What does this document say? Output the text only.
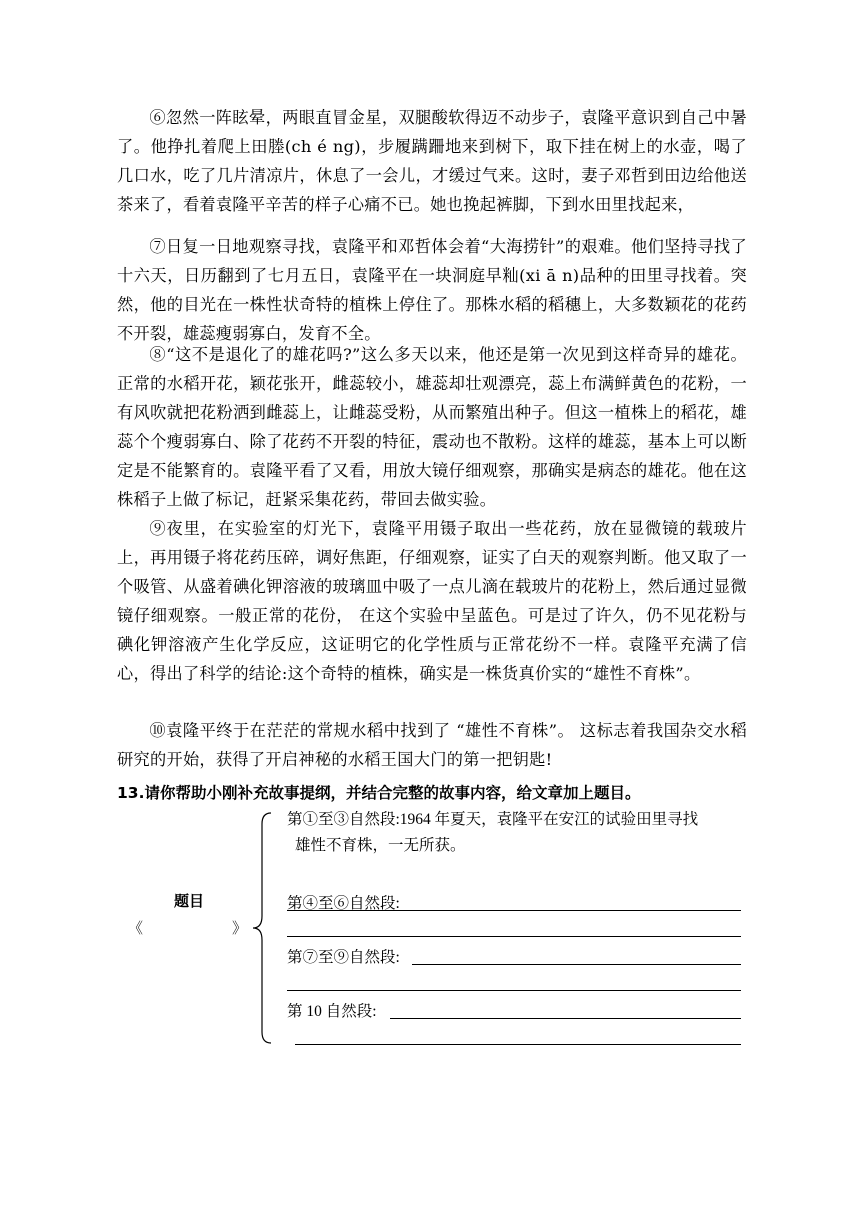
⑥忽然一阵眩晕，两眼直冒金星，双腿酸软得迈不动步子，袁隆平意识到自己中暑了。他挣扎着爬上田塍(ch é ng)，步履蹒跚地来到树下，取下挂在树上的水壶，喝了几口水，吃了几片清凉片，休息了一会儿，才缓过气来。这时，妻子邓哲到田边给他送茶来了，看着袁隆平辛苦的样子心痛不已。她也挽起裤脚，下到水田里找起来，

⑦日复一日地观察寻找，袁隆平和邓哲体会着“大海捞针”的艰难。他们坚持寻找了十六天，日历翻到了七月五日，袁隆平在一块洞庭早籼(xi ā n)品种的田里寻找着。突然，他的目光在一株性状奇特的植株上停住了。那株水稻的稻穗上，大多数颖花的花药不开裂，雄蕊瘦弱寡白，发育不全。

⑧“这不是退化了的雄花吗?”这么多天以来，他还是第一次见到这样奇异的雄花。正常的水稻开花，颖花张开，雌蕊较小，雄蕊却壮观漂亮，蕊上布满鲜黄色的花粉，一有风吹就把花粉洒到雌蕊上，让雌蕊受粉，从而繁殖出种子。但这一植株上的稻花，雄蕊个个瘦弱寡白、除了花药不开裂的特征，震动也不散粉。这样的雄蕊，基本上可以断定是不能繁育的。袁隆平看了又看，用放大镜仔细观察，那确实是病态的雄花。他在这株稻子上做了标记，赶紧采集花药，带回去做实验。

⑨夜里，在实验室的灯光下，袁隆平用镊子取出一些花药，放在显微镜的载玻片上，再用镊子将花药压碎，调好焦距，仔细观察，证实了白天的观察判断。他又取了一个吸管、从盛着碘化钾溶液的玻璃皿中吸了一点儿滴在载玻片的花粉上，然后通过显微镜仔细观察。一般正常的花份， 在这个实验中呈蓝色。可是过了许久，仍不见花粉与碘化钾溶液产生化学反应，这证明它的化学性质与正常花纷不一样。袁隆平充满了信心，得出了科学的结论:这个奇特的植株，确实是一株货真价实的“雄性不育株”。

⑩袁隆平终于在茫茫的常规水稻中找到了 “雄性不育株”。 这标志着我国杂交水稻研究的开始，获得了开启神秘的水稻王国大门的第一把钥匙!

13.请你帮助小刚补充故事提纲，并结合完整的故事内容，给文章加上题目。

题目
《	》
第①至③自然段:1964 年夏天，袁隆平在安江的试验田里寻找
雄性不育株，一无所获。
第④至⑥自然段:
第⑦至⑨自然段:
第 10 自然段:
